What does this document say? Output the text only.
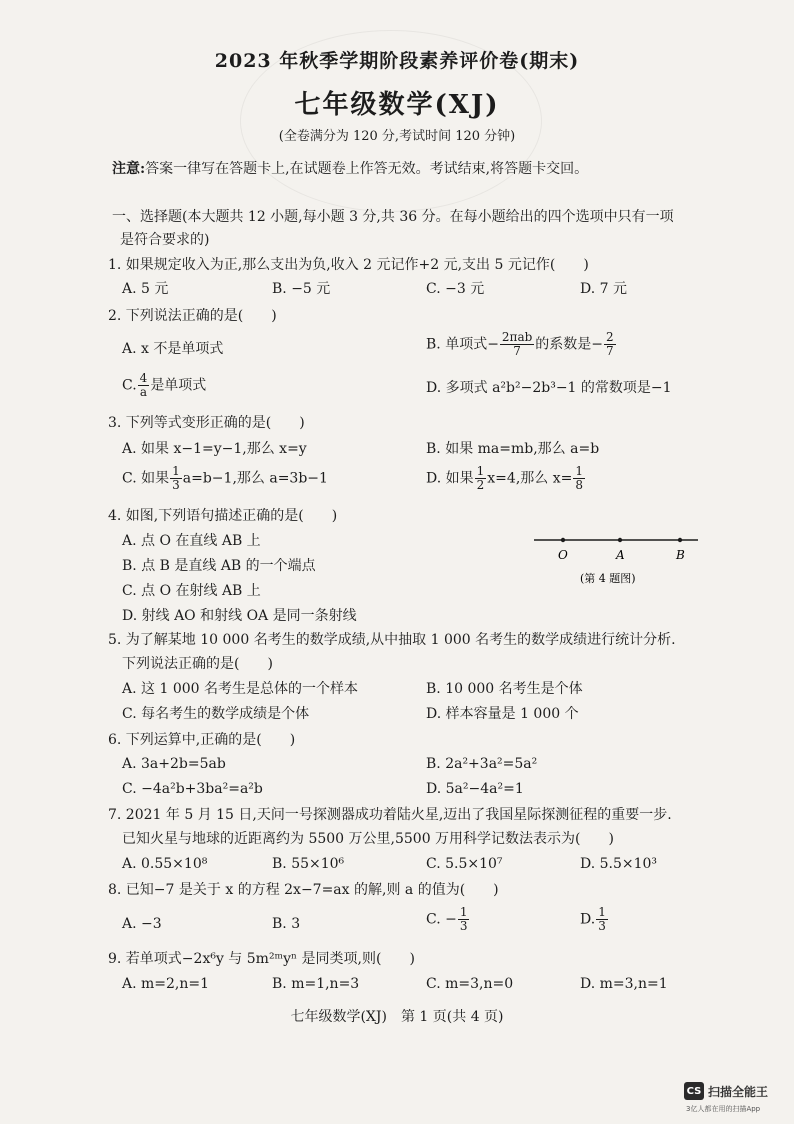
2023 年秋季学期阶段素养评价卷(期末)
七年级数学(XJ)
(全卷满分为 120 分,考试时间 120 分钟)
注意:答案一律写在答题卡上,在试题卷上作答无效。考试结束,将答题卡交回。
一、选择题(本大题共 12 小题,每小题 3 分,共 36 分。在每小题给出的四个选项中只有一项
是符合要求的)
1. 如果规定收入为正,那么支出为负,收入 2 元记作+2 元,支出 5 元记作(　　)
A. 5 元	B. −5 元	C. −3 元	D. 7 元
2. 下列说法正确的是(　　)
A. x 不是单项式	B. 单项式− $\frac{\text{2πab}}{7}$ 的系数是− $\frac{2}{7}$
C. $\frac{4}{a}$ 是单项式	D. 多项式 a²b²−2b³−1 的常数项是−1
3. 下列等式变形正确的是(　　)
A. 如果 x−1=y−1,那么 x=y	B. 如果 ma=mb,那么 a=b
C. 如果 $\frac{1}{3} a=b-1$,那么 a=3b−1	D. 如果 $\frac{1}{2} x=4$,那么 $x= \frac{1}{8}$
4. 如图,下列语句描述正确的是(　　)
A. 点 O 在直线 AB 上
B. 点 B 是直线 AB 的一个端点
C. 点 O 在射线 AB 上
D. 射线 AO 和射线 OA 是同一条射线
O	A	B
(第 4 题图)
5. 为了解某地 10 000 名考生的数学成绩,从中抽取 1 000 名考生的数学成绩进行统计分析.
下列说法正确的是(　　)
A. 这 1 000 名考生是总体的一个样本	B. 10 000 名考生是个体
C. 每名考生的数学成绩是个体	D. 样本容量是 1 000 个
6. 下列运算中,正确的是(　　)
A. 3a+2b=5ab	B. 2a²+3a²=5a²
C. −4a²b+3ba²=a²b	D. 5a²−4a²=1
7. 2021 年 5 月 15 日,天问一号探测器成功着陆火星,迈出了我国星际探测征程的重要一步.
已知火星与地球的近距离约为 5500 万公里,5500 万用科学记数法表示为(　　)
A. 0.55×10⁸	B. 55×10⁶	C. 5.5×10⁷	D. 5.5×10³
8. 已知−7 是关于 x 的方程 2x−7=ax 的解,则 a 的值为(　　)
A. −3	B. 3	C. − $\frac{1}{3}$	D. $\frac{1}{3}$
9. 若单项式−2x⁶y 与 5m²ᵐyⁿ 是同类项,则(　　)
A. m=2,n=1	B. m=1,n=3	C. m=3,n=0	D. m=3,n=1
七年级数学(XJ)　第 1 页(共 4 页)
CS 扫描全能王
3亿人都在用的扫描App
